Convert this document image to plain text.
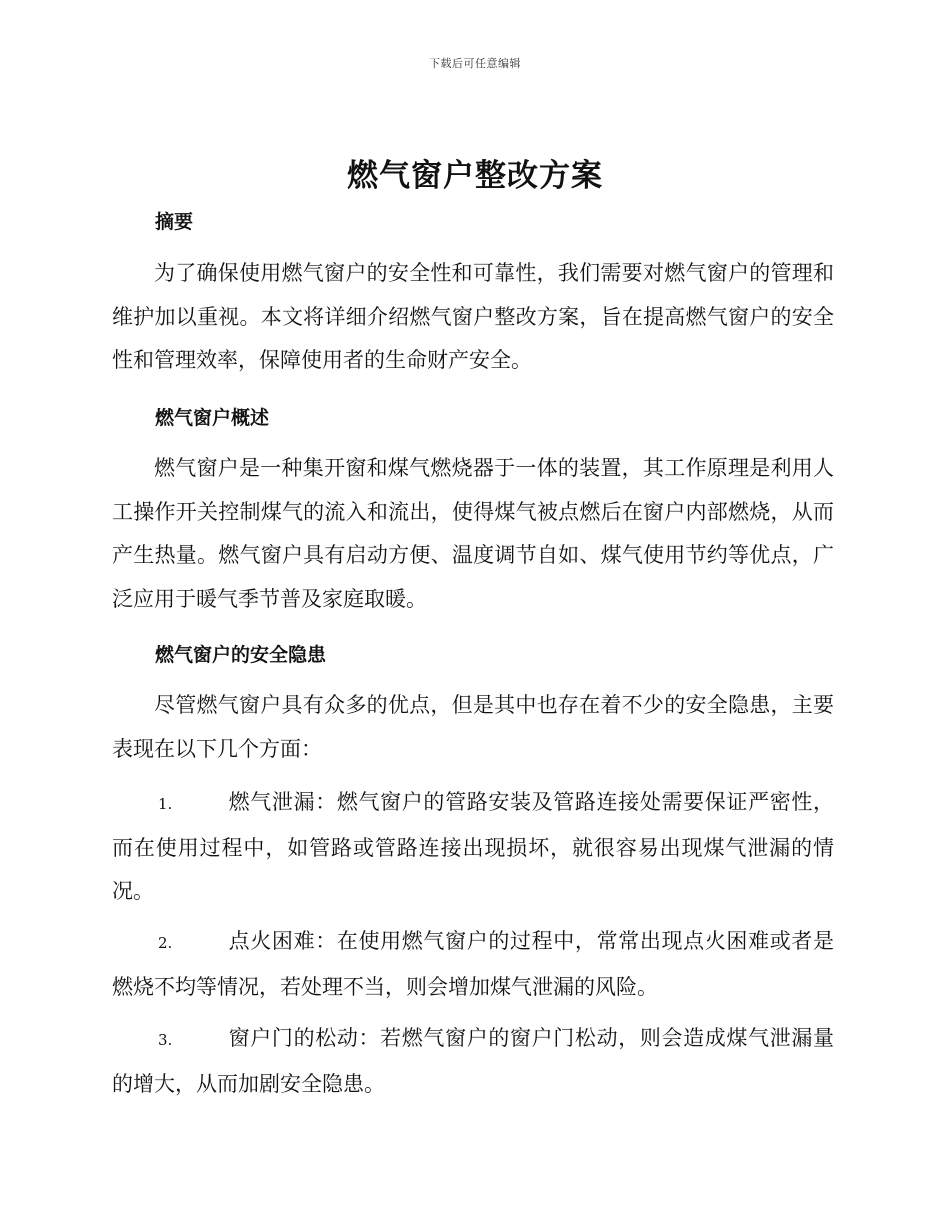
下载后可任意编辑
燃气窗户整改方案
摘要

为了确保使用燃气窗户的安全性和可靠性，我们需要对燃气窗户的管理和维护加以重视。本文将详细介绍燃气窗户整改方案，旨在提高燃气窗户的安全性和管理效率，保障使用者的生命财产安全。

燃气窗户概述

燃气窗户是一种集开窗和煤气燃烧器于一体的装置，其工作原理是利用人工操作开关控制煤气的流入和流出，使得煤气被点燃后在窗户内部燃烧，从而产生热量。燃气窗户具有启动方便、温度调节自如、煤气使用节约等优点，广泛应用于暖气季节普及家庭取暖。

燃气窗户的安全隐患

尽管燃气窗户具有众多的优点，但是其中也存在着不少的安全隐患，主要表现在以下几个方面：

1.	燃气泄漏：燃气窗户的管路安装及管路连接处需要保证严密性，而在使用过程中，如管路或管路连接出现损坏，就很容易出现煤气泄漏的情况。

2.	点火困难：在使用燃气窗户的过程中，常常出现点火困难或者是燃烧不均等情况，若处理不当，则会增加煤气泄漏的风险。

3.	窗户门的松动：若燃气窗户的窗户门松动，则会造成煤气泄漏量的增大，从而加剧安全隐患。
